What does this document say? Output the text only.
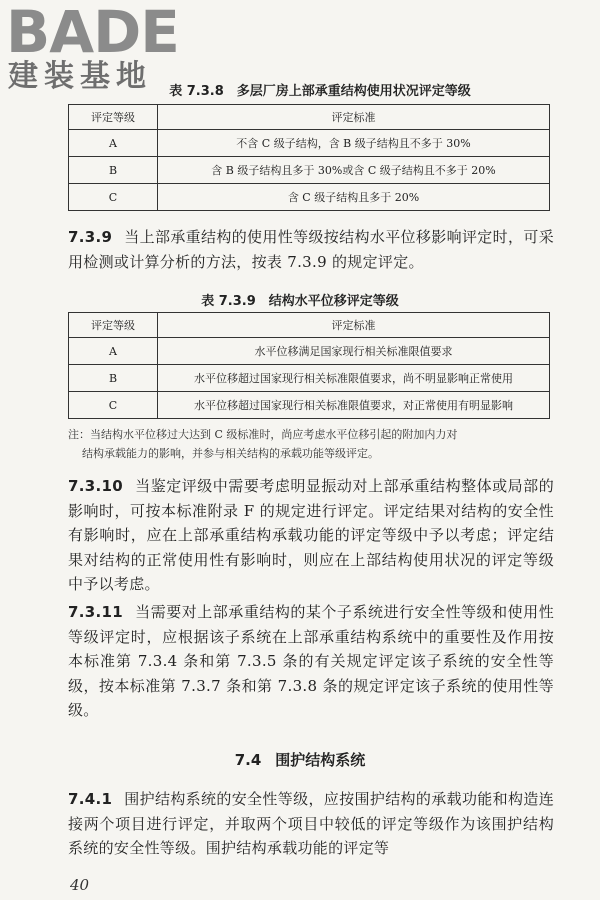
BADE
建装基地	表 7.3.8　多层厂房上部承重结构使用状况评定等级
评定等级	评定标准
A	不含 C 级子结构，含 B 级子结构且不多于 30%
B	含 B 级子结构且多于 30%或含 C 级子结构且不多于 20%
C	含 C 级子结构且多于 20%
7.3.9 当上部承重结构的使用性等级按结构水平位移影响评定时，可采用检测或计算分析的方法，按表 7.3.9 的规定评定。
表 7.3.9　结构水平位移评定等级
评定等级	评定标准
A	水平位移满足国家现行相关标准限值要求
B	水平位移超过国家现行相关标准限值要求，尚不明显影响正常使用
C	水平位移超过国家现行相关标准限值要求，对正常使用有明显影响
注：当结构水平位移过大达到 C 级标准时，尚应考虑水平位移引起的附加内力对
结构承载能力的影响，并参与相关结构的承载功能等级评定。
7.3.10 当鉴定评级中需要考虑明显振动对上部承重结构整体或局部的影响时，可按本标准附录 F 的规定进行评定。评定结果对结构的安全性有影响时，应在上部承重结构承载功能的评定等级中予以考虑；评定结果对结构的正常使用性有影响时，则应在上部结构使用状况的评定等级中予以考虑。
7.3.11 当需要对上部承重结构的某个子系统进行安全性等级和使用性等级评定时，应根据该子系统在上部承重结构系统中的重要性及作用按本标准第 7.3.4 条和第 7.3.5 条的有关规定评定该子系统的安全性等级，按本标准第 7.3.7 条和第 7.3.8 条的规定评定该子系统的使用性等级。
7.4 围护结构系统
7.4.1 围护结构系统的安全性等级，应按围护结构的承载功能和构造连接两个项目进行评定，并取两个项目中较低的评定等级作为该围护结构系统的安全性等级。围护结构承载功能的评定等
40
